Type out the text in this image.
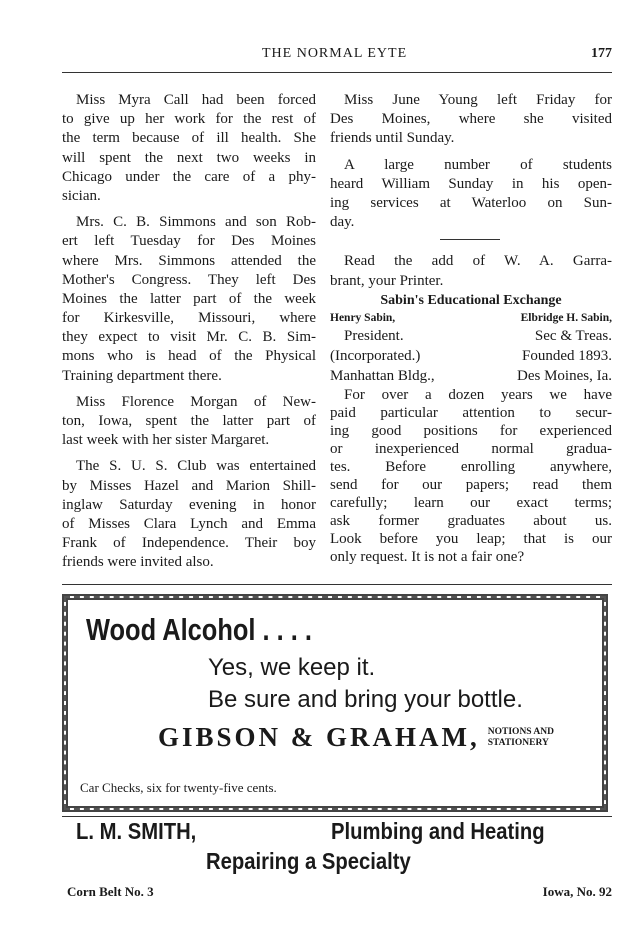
THE NORMAL EYTE	177
Miss Myra Call had been forced
to give up her work for the rest of
the term because of ill health. She
will spent the next two weeks in
Chicago under the care of a phy-
sician.
Mrs. C. B. Simmons and son Rob-
ert left Tuesday for Des Moines
where Mrs. Simmons attended the
Mother's Congress. They left Des
Moines the latter part of the week
for Kirkesville, Missouri, where
they expect to visit Mr. C. B. Sim-
mons who is head of the Physical
Training department there.
Miss Florence Morgan of New-
ton, Iowa, spent the latter part of
last week with her sister Margaret.
The S. U. S. Club was entertained
by Misses Hazel and Marion Shill-
inglaw Saturday evening in honor
of Misses Clara Lynch and Emma
Frank of Independence. Their boy
friends were invited also.
Miss June Young left Friday for
Des Moines, where she visited
friends until Sunday.
A large number of students
heard William Sunday in his open-
ing services at Waterloo on Sun-
day.
Read the add of W. A. Garra-
brant, your Printer.
Sabin's Educational Exchange
Henry Sabin,	Elbridge H. Sabin,
President.	Sec & Treas.
(Incorporated.)	Founded 1893.
Manhattan Bldg.,	Des Moines, Ia.
For over a dozen years we have
paid particular attention to secur-
ing good positions for experienced
or inexperienced normal gradua-
tes. Before enrolling anywhere,
send for our papers; read them
carefully; learn our exact terms;
ask former graduates about us.
Look before you leap; that is our
only request. It is not a fair one?
Wood Alcohol . . . .
Yes, we keep it.
Be sure and bring your bottle.
GIBSON & GRAHAM, NOTIONS AND
STATIONERY
Car Checks, six for twenty-five cents.
L. M. SMITH,	Plumbing and Heating
Repairing a Specialty
Corn Belt No. 3	Iowa, No. 92
